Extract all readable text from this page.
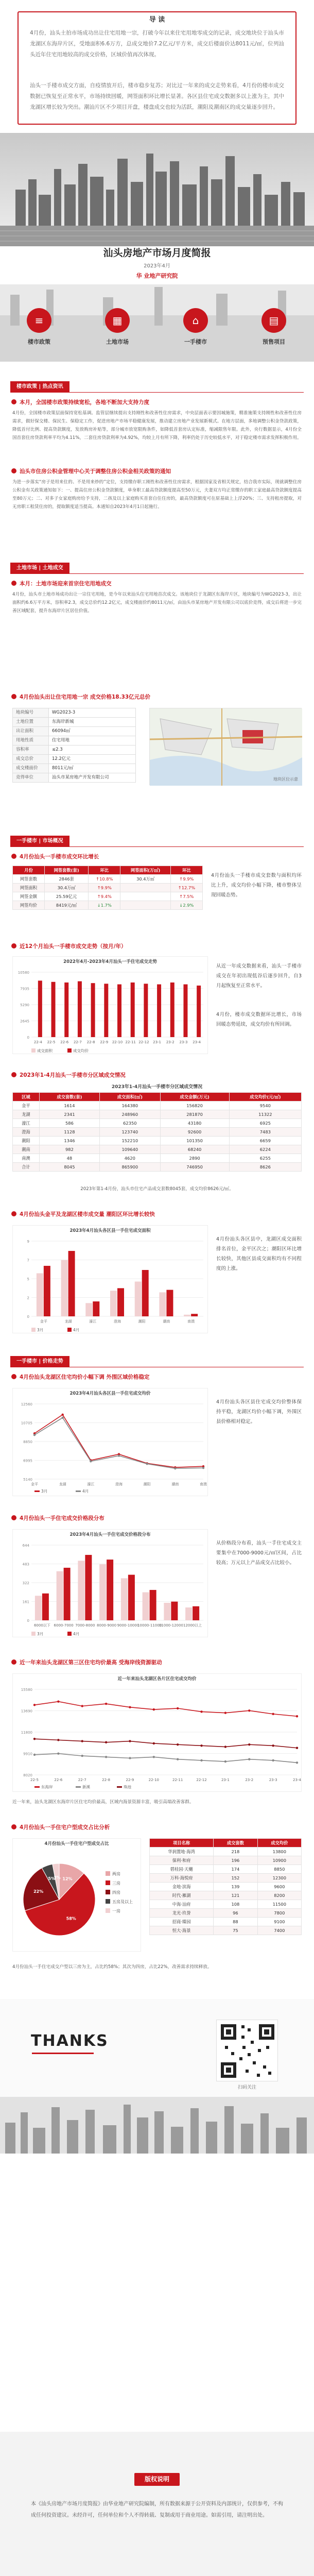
导 读
4月份，汕头土拍市场成功出让住宅用地一宗，打破今年以来住宅用地零成交的记录，成交地块位于汕头市龙湖区东海岸片区，受地面积6.6万方，总成交地价7.2亿元/平方米，成交后楼面价达8011元/㎡，位列汕头近年住宅用地较高的成交价格，区域价值再次体现。
汕头一手楼市成交方面，自疫情放开后，楼市稳步复苏；对比过一年来的成交走势来看，4月份的楼市成交数据已恢复至正常水平，市场持续回暖，网签面积环比增长显著。各区县住宅成交数据多以上涨为主，其中龙湖区增长较为突出。潮汕片区不少项目开盘，楼盘成交也较为活跃，潮阳及潮南区的成交量逐步回升。
汕头房地产市场月度简报
2023年4月
华 业地产研究院
≡
楼市政策
▦
土地市场
⌂
一手楼市
▤
预售项目
楼市政策 | 热点资讯
本月，全国楼市政策持续宽松，各地不断加大支持力度
4月份，全国楼市政策层面保持宽松基调。监管层继续提出支持刚性和改善性住房需求，中央层面表示要因城施策，精准施策支持刚性和改善性住房需求，做好保交楼、保民生、保稳定工作，促进房地产市场平稳健康发展，推动建立房地产业发展新模式。在地方层面，多地调整公积金贷款政策，降低首付比例、提高贷款额度，发放购房补贴等，部分城市放宽限购条件，如降低首套房认定标准，缩减限售年限。此外，央行数据显示，4月份全国首套住房贷款利率平均为4.11%，二套住房贷款利率为4.92%，均较上月有所下降，利率仍处于历史较低水平，对于稳定楼市需求发挥积极作用。
汕头市住房公积金管理中心关于调整住房公积金相关政策的通知
为进一步落实“房子是用来住的、不是用来炒的”定位，支持缴存职工刚性和改善性住房需求，根据国家及省相关规定，结合我市实际，现就调整住房公积金有关政策通知如下：一、提高住房公积金贷款额度，单身职工最高贷款额度提高至50万元，夫妻双方均正常缴存的职工家庭最高贷款额度提高至80万元；二、对多子女家庭购房给予支持，二孩及以上家庭购买首套自住住房的，最高贷款额度可在原基础上上浮20%；三、支持租房提取，对无房职工租赁住房的，提取额度适当提高。本通知自2023年4月1日起施行。
土地市场 | 土地成交
本月：土地市场迎来首宗住宅用地成交
4月份，汕头市土地市场成功出让一宗住宅用地，是今年以来汕头住宅用地首次成交。该地块位于龙湖区东海岸片区，地块编号为WG2023-3，出让面积约6.6万平方米，容积率2.3，成交总价约12.2亿元，成交楼面价约8011元/㎡，由汕头市某房地产开发有限公司以底价竞得，成交后将进一步完善区域配套，提升东海岸片区居住价值。
4月份汕头出让住宅用地一宗 成交价格18.33亿元总价
地块编号	WG2023-3
土地位置	东海岸新城
出让面积	66094㎡
用地性质	住宅用地
容积率	≤2.3
成交总价	12.2亿元
成交楼面价	8011元/㎡
竞得单位	汕头市某房地产开发有限公司	地块区位示意
一手楼市 | 市场概况
4月份汕头一手楼市成交环比增长
月份	网签套数(套)	环比	网签面积(万㎡)	环比
网签套数	2846套	↑10.8%	30.4万㎡	↑9.9%
网签面积	30.4万㎡	↑9.9%		↑12.7%
网签金额	25.59亿元	↑9.4%		↑7.5%
网签均价	8419元/㎡	↓1.7%		↓2.9%
4月份汕头一手楼市成交套数与面积均环比上升，成交均价小幅下降，楼市整体呈现回暖态势。
近12个月汕头一手楼市成交走势（按月/年）
2022年4月-2023年4月汕头一手住宅成交走势
0
2645
5290
7935
10580
22-4 22-5 22-6 22-7 22-8 22-9 22-10 22-11 22-12 23-1 23-2 23-3 23-4
成交面积	成交均价
从近一年成交数据来看，汕头一手楼市成交在年初出现低谷后逐步回升，自3月起恢复至正常水平。
4月份，楼市成交数据环比增长，市场回暖态势延续，成交均价有所回调。
2023年1-4月汕头一手楼市分区域成交情况
2023年1-4月汕头一手楼市分区域成交情况
区域	成交套数(套)	成交面积(㎡)	成交金额(万元)	成交均价(元/㎡)
金平	1614	164380	156820	9540
龙湖	2341	248960	281870	11322
濠江	586	62350	43180	6925
澄海	1128	123740	92600	7483
潮阳	1346	152210	101350	6659
潮南	982	109640	68240	6224
南澳	48	4620	2890	6255
合计	8045	865900	746950	8626
2023年第1-4月份，汕头市住宅产品成交套数8045套，成交均价8626元/㎡。
4月份汕头金平及龙湖区楼市成交量 潮阳区环比增长较快
2023年4月汕头各区县一手住宅成交面积
0
2
5
7
9
金平	龙湖	濠江	澄海	潮阳	潮南	南澳
3月	4月
4月份汕头各区县中，龙湖区成交面积排名首位，金平区次之；潮阳区环比增长较快，其他区县成交面积均有不同程度的上涨。
一手楼市 | 价格走势
4月份汕头龙湖区住宅均价小幅下调 外围区域价格稳定
2023年4月汕头各区县一手住宅成交均价
5140
6995
8850
10705
12560
金平	龙湖	濠江	澄海	潮阳	潮南	南澳
3月	4月
4月份汕头各区县住宅成交均价整体保持平稳，龙湖区均价小幅下调，外围区县价格相对稳定。
4月份汕头一手住宅成交价格段分布
2023年4月汕头一手住宅成交价格段分布
0
161
322
483
644
6000以下 6000-7000 7000-8000 8000-9000 9000-10000
10000-11000
11000-12000 12000以上
3月	4月
从价格段分布看，汕头一手住宅成交主要集中在7000-9000元/㎡区间，占比较高；万元以上产品成交占比较小。
近一年来汕头龙湖区第三区住宅均价最高 受海岸线资源驱动
近一年来汕头龙湖区各片区住宅成交均价
8020
9910
11800
13690
15580
22-5	22-6	22-7	22-8	22-9	22-10	22-11	22-12	23-1	23-2	23-3	23-4
东海岸	新溪	珠池
近一年来，汕头龙湖区东海岸片区住宅均价最高，区域内海景资源丰富，吸引高端改善客群。
4月份汕头一手住宅户型成交占比分析
4月份汕头一手住宅户型成交占比
12%
58%
22%
5%
3%
两房
三房
四房
五房及以上
一房
项目名称	成交套数	成交均价
华润置地·海湾	218	13800
保利·和府	196	10900
碧桂园·天樾	174	8850
万科·海悦府	152	12300
金地·滨海	139	9600
时代·雁湖	121	8200
中海·汕府	108	11500
龙光·玖誉	96	7800
招商·臻园	88	9100
恒大·海景	75	7400
4月份汕头一手住宅成交户型以三房为主，占比约58%；其次为四房，占比22%，改善需求持续释放。
THANKS
扫码关注
版权说明
本《汕头房地产市场月度简报》由华业地产研究院编制，所有数据来源于公开资料及内部统计，仅供参考，不构成任何投资建议。未经许可，任何单位和个人不得转载、复制或用于商业用途。如需引用，请注明出处。
